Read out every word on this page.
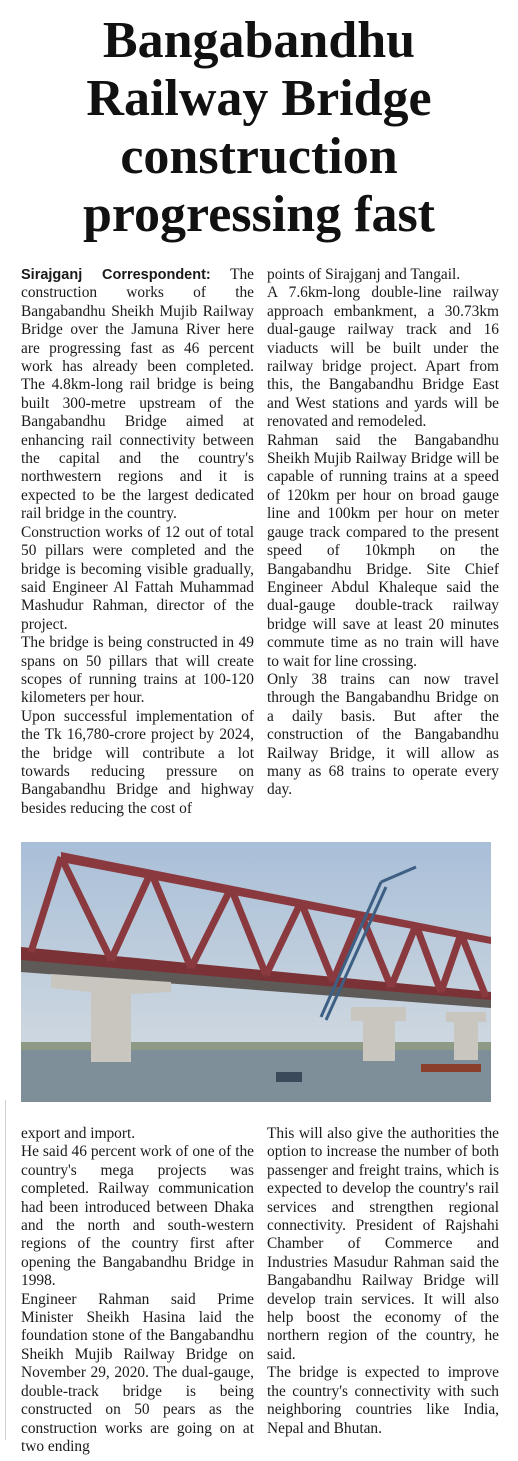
Bangabandhu
Railway Bridge
construction
progressing fast

Sirajganj Correspondent: The construction works of the Bangabandhu Sheikh Mujib Railway Bridge over the Jamuna River here are progressing fast as 46 percent work has already been completed. The 4.8km-long rail bridge is being built 300-metre upstream of the Bangabandhu Bridge aimed at enhancing rail connectivity between the capital and the country's northwestern regions and it is expected to be the largest dedicated rail bridge in the country.

Construction works of 12 out of total 50 pillars were completed and the bridge is becoming visible gradually, said Engineer Al Fattah Muhammad Mashudur Rahman, director of the project.

The bridge is being constructed in 49 spans on 50 pillars that will create scopes of running trains at 100-120 kilometers per hour.

Upon successful implementation of the Tk 16,780-crore project by 2024, the bridge will contribute a lot towards reducing pressure on Bangabandhu Bridge and highway besides reducing the cost of

points of Sirajganj and Tangail.

A 7.6km-long double-line railway approach embankment, a 30.73km dual-gauge railway track and 16 viaducts will be built under the railway bridge project. Apart from this, the Bangabandhu Bridge East and West stations and yards will be renovated and remodeled.

Rahman said the Bangabandhu Sheikh Mujib Railway Bridge will be capable of running trains at a speed of 120km per hour on broad gauge line and 100km per hour on meter gauge track compared to the present speed of 10kmph on the Bangabandhu Bridge. Site Chief Engineer Abdul Khaleque said the dual-gauge double-track railway bridge will save at least 20 minutes commute time as no train will have to wait for line crossing.

Only 38 trains can now travel through the Bangabandhu Bridge on a daily basis. But after the construction of the Bangabandhu Railway Bridge, it will allow as many as 68 trains to operate every day.

export and import.

He said 46 percent work of one of the country's mega projects was completed. Railway communication had been introduced between Dhaka and the north and south-western regions of the country first after opening the Bangabandhu Bridge in 1998.

Engineer Rahman said Prime Minister Sheikh Hasina laid the foundation stone of the Bangabandhu Sheikh Mujib Railway Bridge on November 29, 2020. The dual-gauge, double-track bridge is being constructed on 50 pears as the construction works are going on at two ending

This will also give the authorities the option to increase the number of both passenger and freight trains, which is expected to develop the country's rail services and strengthen regional connectivity. President of Rajshahi Chamber of Commerce and Industries Masudur Rahman said the Bangabandhu Railway Bridge will develop train services. It will also help boost the economy of the northern region of the country, he said.

The bridge is expected to improve the country's connectivity with such neighboring countries like India, Nepal and Bhutan.
